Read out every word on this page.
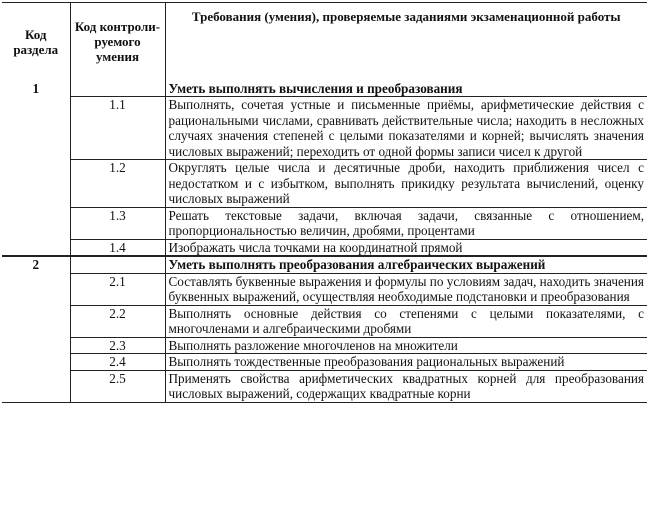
Код раздела	Код контроли-руемого умения	Требования (умения), проверяемые заданиями экзаменационной работы
1		Уметь выполнять вычисления и преобразования
	1.1	Выполнять, сочетая устные и письменные приёмы, арифметические действия с рациональными числами, сравнивать действительные числа; находить в несложных случаях значения степеней с целыми показателями и корней; вычислять значения числовых выражений; переходить от одной формы записи чисел к другой
	1.2	Округлять целые числа и десятичные дроби, находить приближения чисел с недостатком и с избытком, выполнять прикидку результата вычислений, оценку числовых выражений
	1.3	Решать текстовые задачи, включая задачи, связанные с отношением, пропорциональностью величин, дробями, процентами
	1.4	Изображать числа точками на координатной прямой
2		Уметь выполнять преобразования алгебраических выражений
	2.1	Составлять буквенные выражения и формулы по условиям задач, находить значения буквенных выражений, осуществляя необходимые подстановки и преобразования
	2.2	Выполнять основные действия со степенями с целыми показателями, с многочленами и алгебраическими дробями
	2.3	Выполнять разложение многочленов на множители
	2.4	Выполнять тождественные преобразования рациональных выражений
	2.5	Применять свойства арифметических квадратных корней для преобразования числовых выражений, содержащих квадратные корни
